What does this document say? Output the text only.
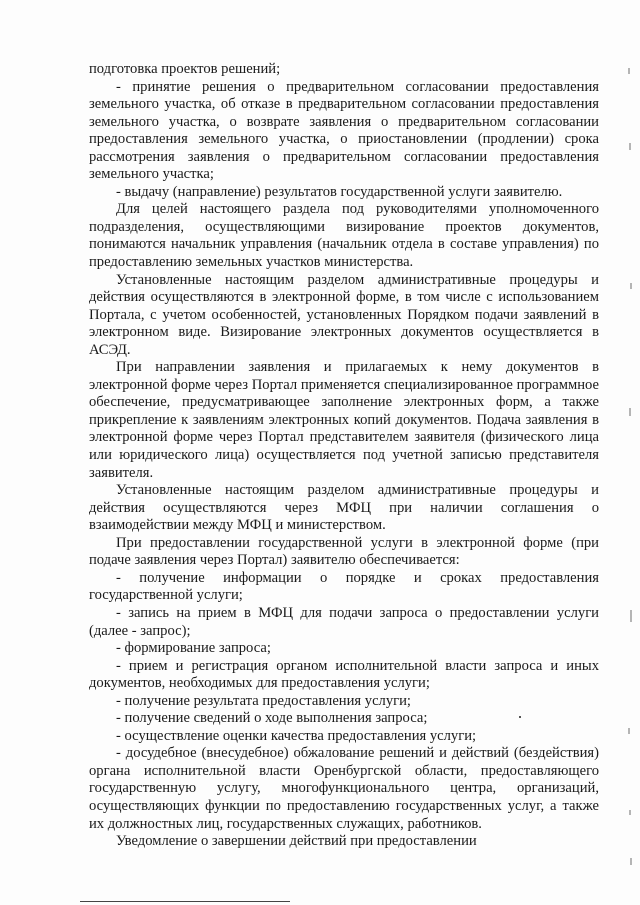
подготовка проектов решений;

- принятие решения о предварительном согласовании предоставления земельного участка, об отказе в предварительном согласовании предоставления земельного участка, о возврате заявления о предварительном согласовании предоставления земельного участка, о приостановлении (продлении) срока рассмотрения заявления о предварительном согласовании предоставления земельного участка;

- выдачу (направление) результатов государственной услуги заявителю.

Для целей настоящего раздела под руководителями уполномоченного подразделения, осуществляющими визирование проектов документов, понимаются начальник управления (начальник отдела в составе управления) по предоставлению земельных участков министерства.

Установленные настоящим разделом административные процедуры и действия осуществляются в электронной форме, в том числе с использованием Портала, с учетом особенностей, установленных Порядком подачи заявлений в электронном виде. Визирование электронных документов осуществляется в АСЭД.

При направлении заявления и прилагаемых к нему документов в электронной форме через Портал применяется специализированное программное обеспечение, предусматривающее заполнение электронных форм, а также прикрепление к заявлениям электронных копий документов. Подача заявления в электронной форме через Портал представителем заявителя (физического лица или юридического лица) осуществляется под учетной записью представителя заявителя.

Установленные настоящим разделом административные процедуры и действия осуществляются через МФЦ при наличии соглашения о взаимодействии между МФЦ и министерством.

При предоставлении государственной услуги в электронной форме (при подаче заявления через Портал) заявителю обеспечивается:

- получение информации о порядке и сроках предоставления государственной услуги;

- запись на прием в МФЦ для подачи запроса о предоставлении услуги (далее - запрос);

- формирование запроса;

- прием и регистрация органом исполнительной власти запроса и иных документов, необходимых для предоставления услуги;

- получение результата предоставления услуги;

- получение сведений о ходе выполнения запроса;

- осуществление оценки качества предоставления услуги;

- досудебное (внесудебное) обжалование решений и действий (бездействия) органа исполнительной власти Оренбургской области, предоставляющего государственную услугу, многофункционального центра, организаций, осуществляющих функции по предоставлению государственных услуг, а также их должностных лиц, государственных служащих, работников.

Уведомление о завершении действий при предоставлении
